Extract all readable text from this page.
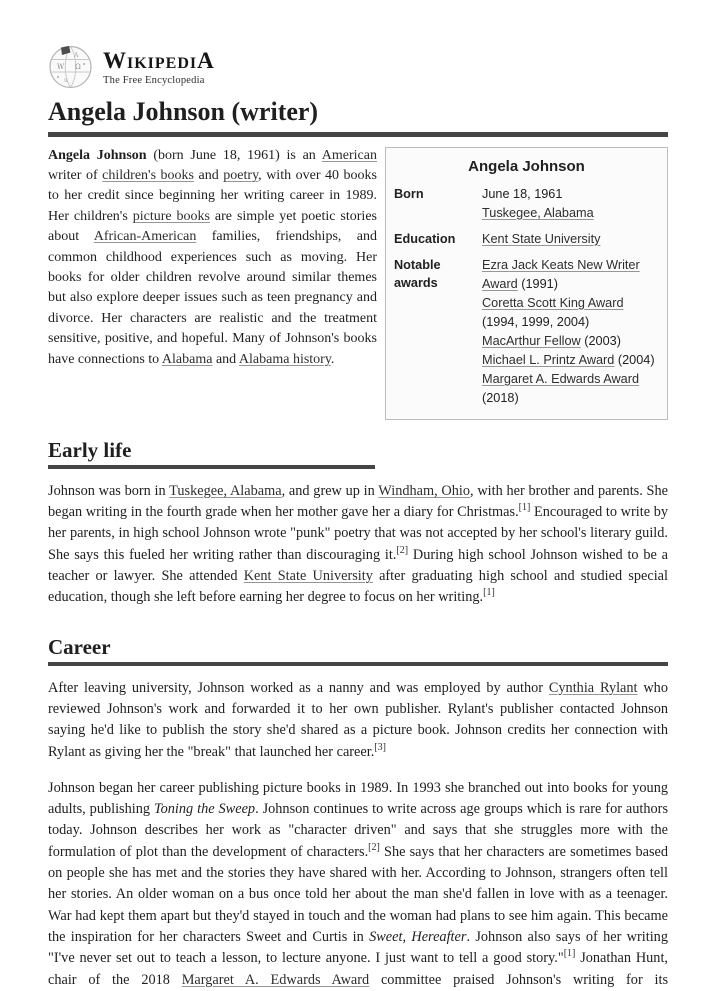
W
A
Ω
u
WikipediA
The Free Encyclopedia
Angela Johnson (writer)
Angela Johnson
Born	June 18, 1961
Tuskegee, Alabama
Education	Kent State University
Notable awards
Ezra Jack Keats New Writer Award (1991)
Coretta Scott King Award (1994, 1999, 2004)
MacArthur Fellow (2003)
Michael L. Printz Award (2004)
Margaret A. Edwards Award (2018)

Angela Johnson (born June 18, 1961) is an American writer of children's books and poetry, with over 40 books to her credit since beginning her writing career in 1989. Her children's picture books are simple yet poetic stories about African-American families, friendships, and common childhood experiences such as moving. Her books for older children revolve around similar themes but also explore deeper issues such as teen pregnancy and divorce. Her characters are realistic and the treatment sensitive, positive, and hopeful. Many of Johnson's books have connections to Alabama and Alabama history.

Early life

Johnson was born in Tuskegee, Alabama, and grew up in Windham, Ohio, with her brother and parents. She began writing in the fourth grade when her mother gave her a diary for Christmas.[1] Encouraged to write by her parents, in high school Johnson wrote "punk" poetry that was not accepted by her school's literary guild. She says this fueled her writing rather than discouraging it.[2] During high school Johnson wished to be a teacher or lawyer. She attended Kent State University after graduating high school and studied special education, though she left before earning her degree to focus on her writing.[1]

Career

After leaving university, Johnson worked as a nanny and was employed by author Cynthia Rylant who reviewed Johnson's work and forwarded it to her own publisher. Rylant's publisher contacted Johnson saying he'd like to publish the story she'd shared as a picture book. Johnson credits her connection with Rylant as giving her the "break" that launched her career.[3]

Johnson began her career publishing picture books in 1989. In 1993 she branched out into books for young adults, publishing Toning the Sweep. Johnson continues to write across age groups which is rare for authors today. Johnson describes her work as "character driven" and says that she struggles more with the formulation of plot than the development of characters.[2] She says that her characters are sometimes based on people she has met and the stories they have shared with her. According to Johnson, strangers often tell her stories. An older woman on a bus once told her about the man she'd fallen in love with as a teenager. War had kept them apart but they'd stayed in touch and the woman had plans to see him again. This became the inspiration for her characters Sweet and Curtis in Sweet, Hereafter. Johnson also says of her writing "I've never set out to teach a lesson, to lecture anyone. I just want to tell a good story."[1] Jonathan Hunt, chair of the 2018 Margaret A. Edwards Award committee praised Johnson's writing for its
